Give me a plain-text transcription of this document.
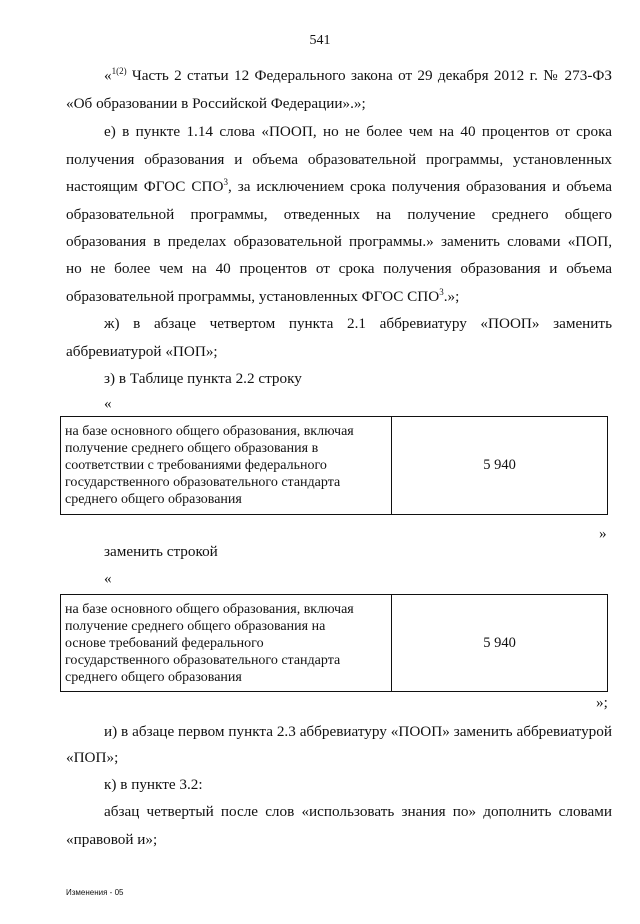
541
«$^{1(2)}$ Часть 2 статьи 12 Федерального закона от 29 декабря 2012 г. № 273-ФЗ
«Об образовании в Российской Федерации».»;
е) в пункте 1.14 слова «ПООП, но не более чем на 40 процентов от срока
получения образования и объема образовательной программы, установленных
настоящим ФГОС СПО$^3$, за исключением срока получения образования и объема
образовательной программы, отведенных на получение среднего общего
образования в пределах образовательной программы.» заменить словами «ПОП,
но не более чем на 40 процентов от срока получения образования и объема
образовательной программы, установленных ФГОС СПО$^3$.»;
ж) в абзаце четвертом пункта 2.1 аббревиатуру «ПООП» заменить
аббревиатурой «ПОП»;
з) в Таблице пункта 2.2 строку
«
на базе основного общего образования, включая
получение среднего общего образования в
соответствии с требованиями федерального
государственного образовательного стандарта
среднего общего образования
	5 940
»
заменить строкой
«
на базе основного общего образования, включая
получение среднего общего образования на
основе требований федерального
государственного образовательного стандарта
среднего общего образования
	5 940
»;
и) в абзаце первом пункта 2.3 аббревиатуру «ПООП» заменить аббревиатурой
«ПОП»;
к) в пункте 3.2:
абзац четвертый после слов «использовать знания по» дополнить словами
«правовой и»;
Изменения - 05
